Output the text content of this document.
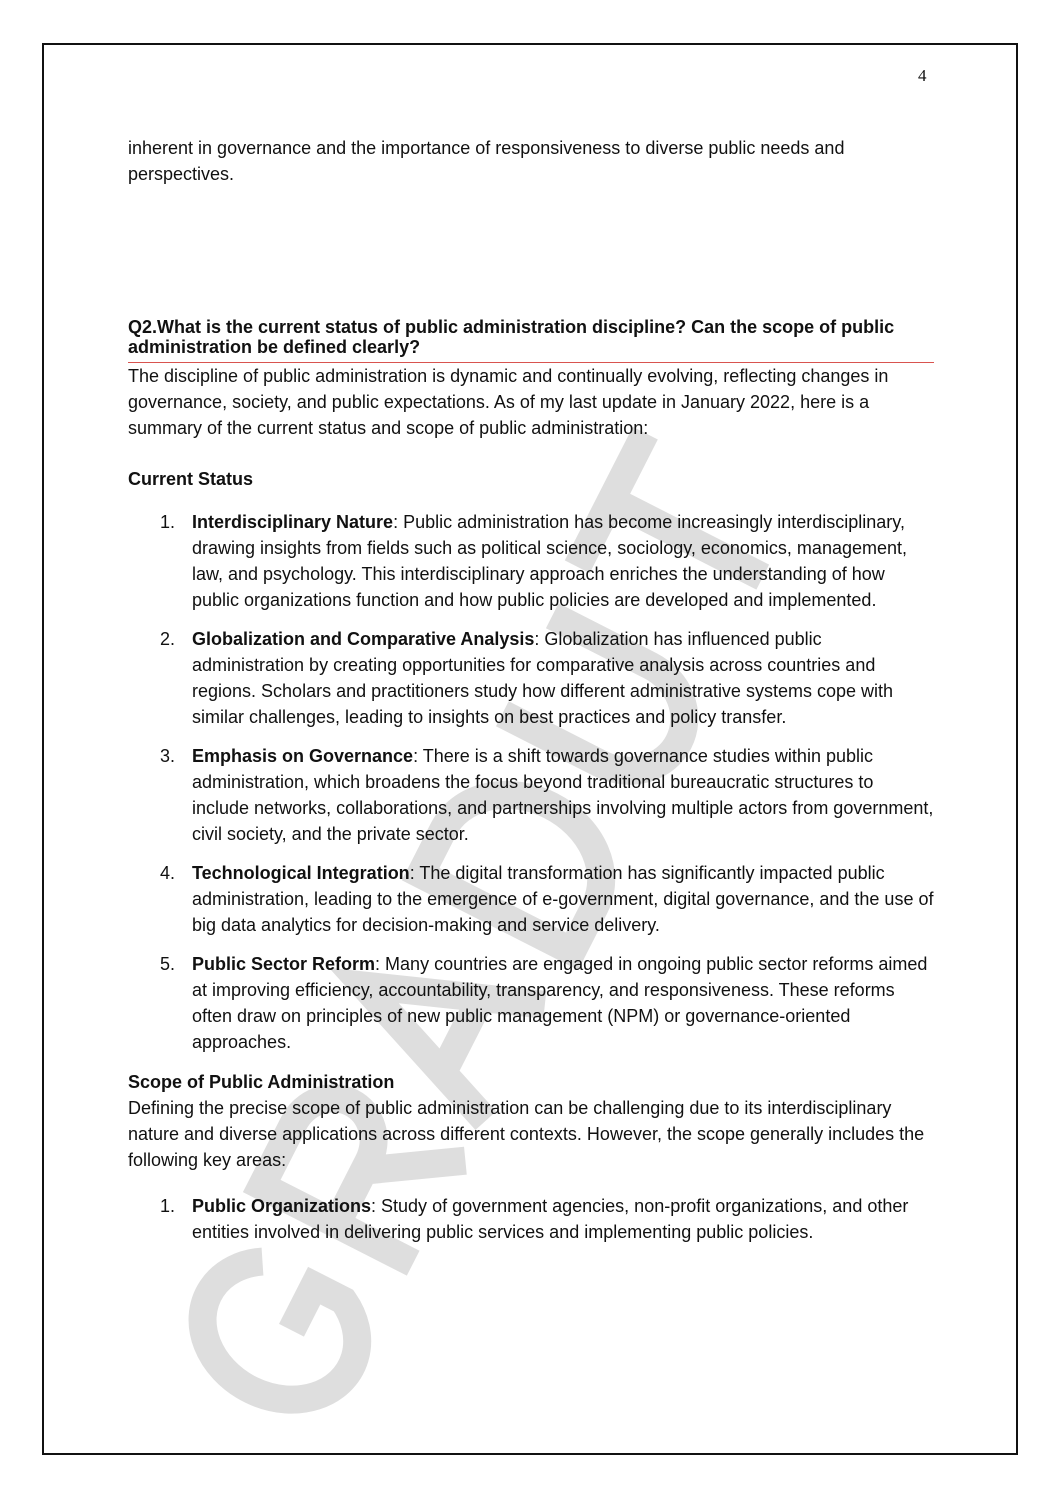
4

inherent in governance and the importance of responsiveness to diverse public needs and perspectives.

Q2.What is the current status of public administration discipline? Can the scope of public administration be defined clearly?

The discipline of public administration is dynamic and continually evolving, reflecting changes in governance, society, and public expectations. As of my last update in January 2022, here is a summary of the current status and scope of public administration:

Current Status
1. Interdisciplinary Nature: Public administration has become increasingly interdisciplinary, drawing insights from fields such as political science, sociology, economics, management, law, and psychology. This interdisciplinary approach enriches the understanding of how public organizations function and how public policies are developed and implemented.
2. Globalization and Comparative Analysis: Globalization has influenced public administration by creating opportunities for comparative analysis across countries and regions. Scholars and practitioners study how different administrative systems cope with similar challenges, leading to insights on best practices and policy transfer.
3. Emphasis on Governance: There is a shift towards governance studies within public administration, which broadens the focus beyond traditional bureaucratic structures to include networks, collaborations, and partnerships involving multiple actors from government, civil society, and the private sector.
4. Technological Integration: The digital transformation has significantly impacted public administration, leading to the emergence of e-government, digital governance, and the use of big data analytics for decision-making and service delivery.
5. Public Sector Reform: Many countries are engaged in ongoing public sector reforms aimed at improving efficiency, accountability, transparency, and responsiveness. These reforms often draw on principles of new public management (NPM) or governance-oriented approaches.
Scope of Public Administration

Defining the precise scope of public administration can be challenging due to its interdisciplinary nature and diverse applications across different contexts. However, the scope generally includes the following key areas:

1. Public Organizations: Study of government agencies, non-profit organizations, and other entities involved in delivering public services and implementing public policies.
